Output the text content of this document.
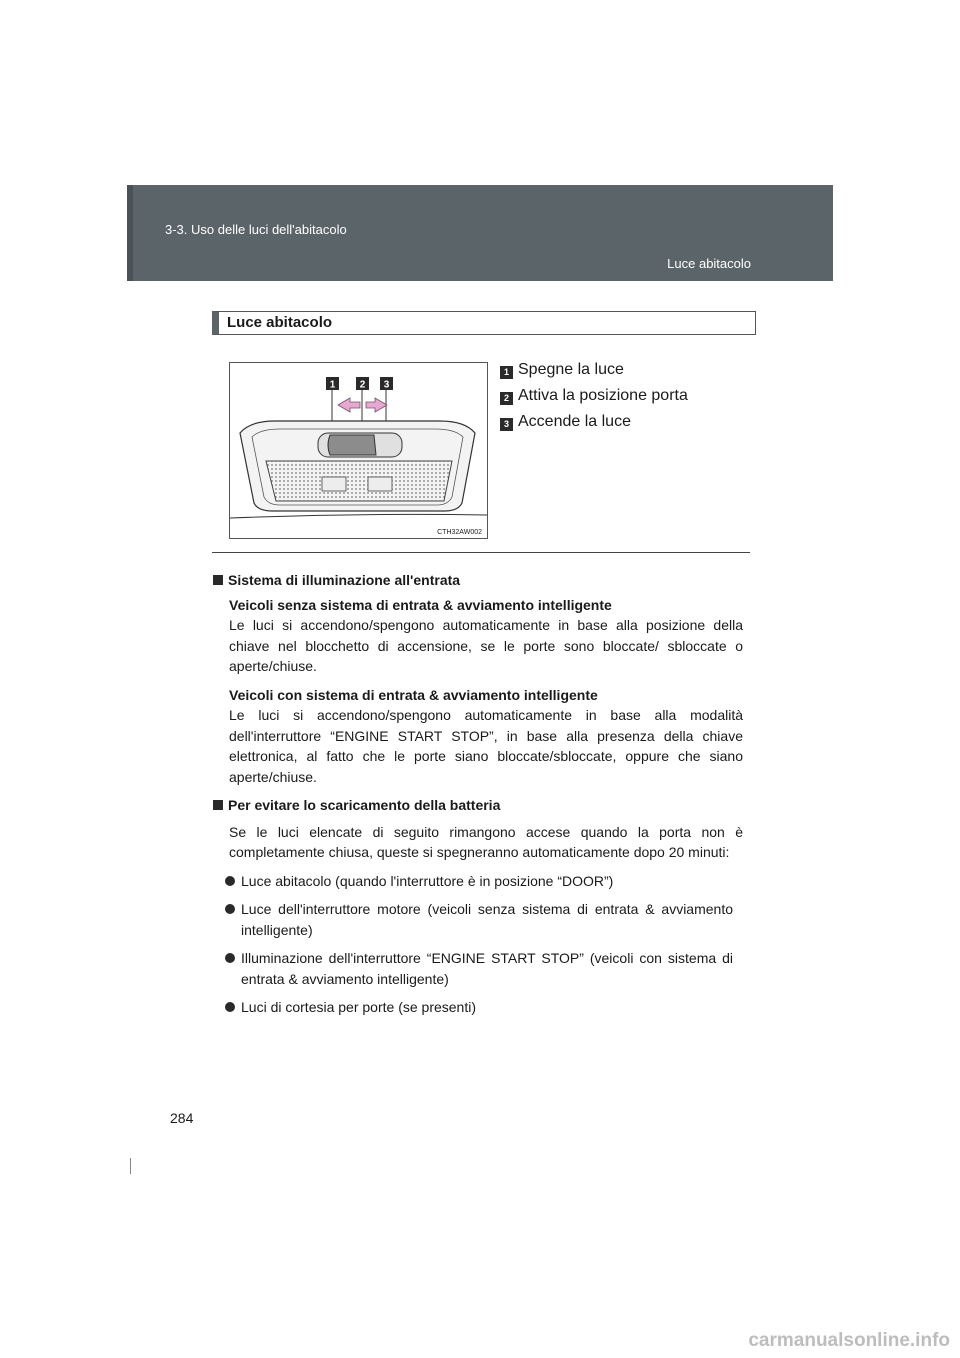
3-3. Uso delle luci dell'abitacolo
Luce abitacolo
Luce abitacolo
1 2 3
CTH32AW002
1 Spegne la luce
2 Attiva la posizione porta
3 Accende la luce

Sistema di illuminazione all'entrata

Veicoli senza sistema di entrata & avviamento intelligente

Le luci si accendono/spengono automaticamente in base alla posizione della chiave nel blocchetto di accensione, se le porte sono bloccate/ sbloccate o aperte/chiuse.

Veicoli con sistema di entrata & avviamento intelligente

Le luci si accendono/spengono automaticamente in base alla modalità dell'interruttore “ENGINE START STOP”, in base alla presenza della chiave elettronica, al fatto che le porte siano bloccate/sbloccate, oppure che siano aperte/chiuse.

Per evitare lo scaricamento della batteria

Se le luci elencate di seguito rimangono accese quando la porta non è completamente chiusa, queste si spegneranno automaticamente dopo 20 minuti:

Luce abitacolo (quando l'interruttore è in posizione “DOOR”)
Luce dell'interruttore motore (veicoli senza sistema di entrata & avviamento intelligente)
Illuminazione dell'interruttore “ENGINE START STOP” (veicoli con sistema di entrata & avviamento intelligente)
Luci di cortesia per porte (se presenti)
284
carmanualsonline.info
